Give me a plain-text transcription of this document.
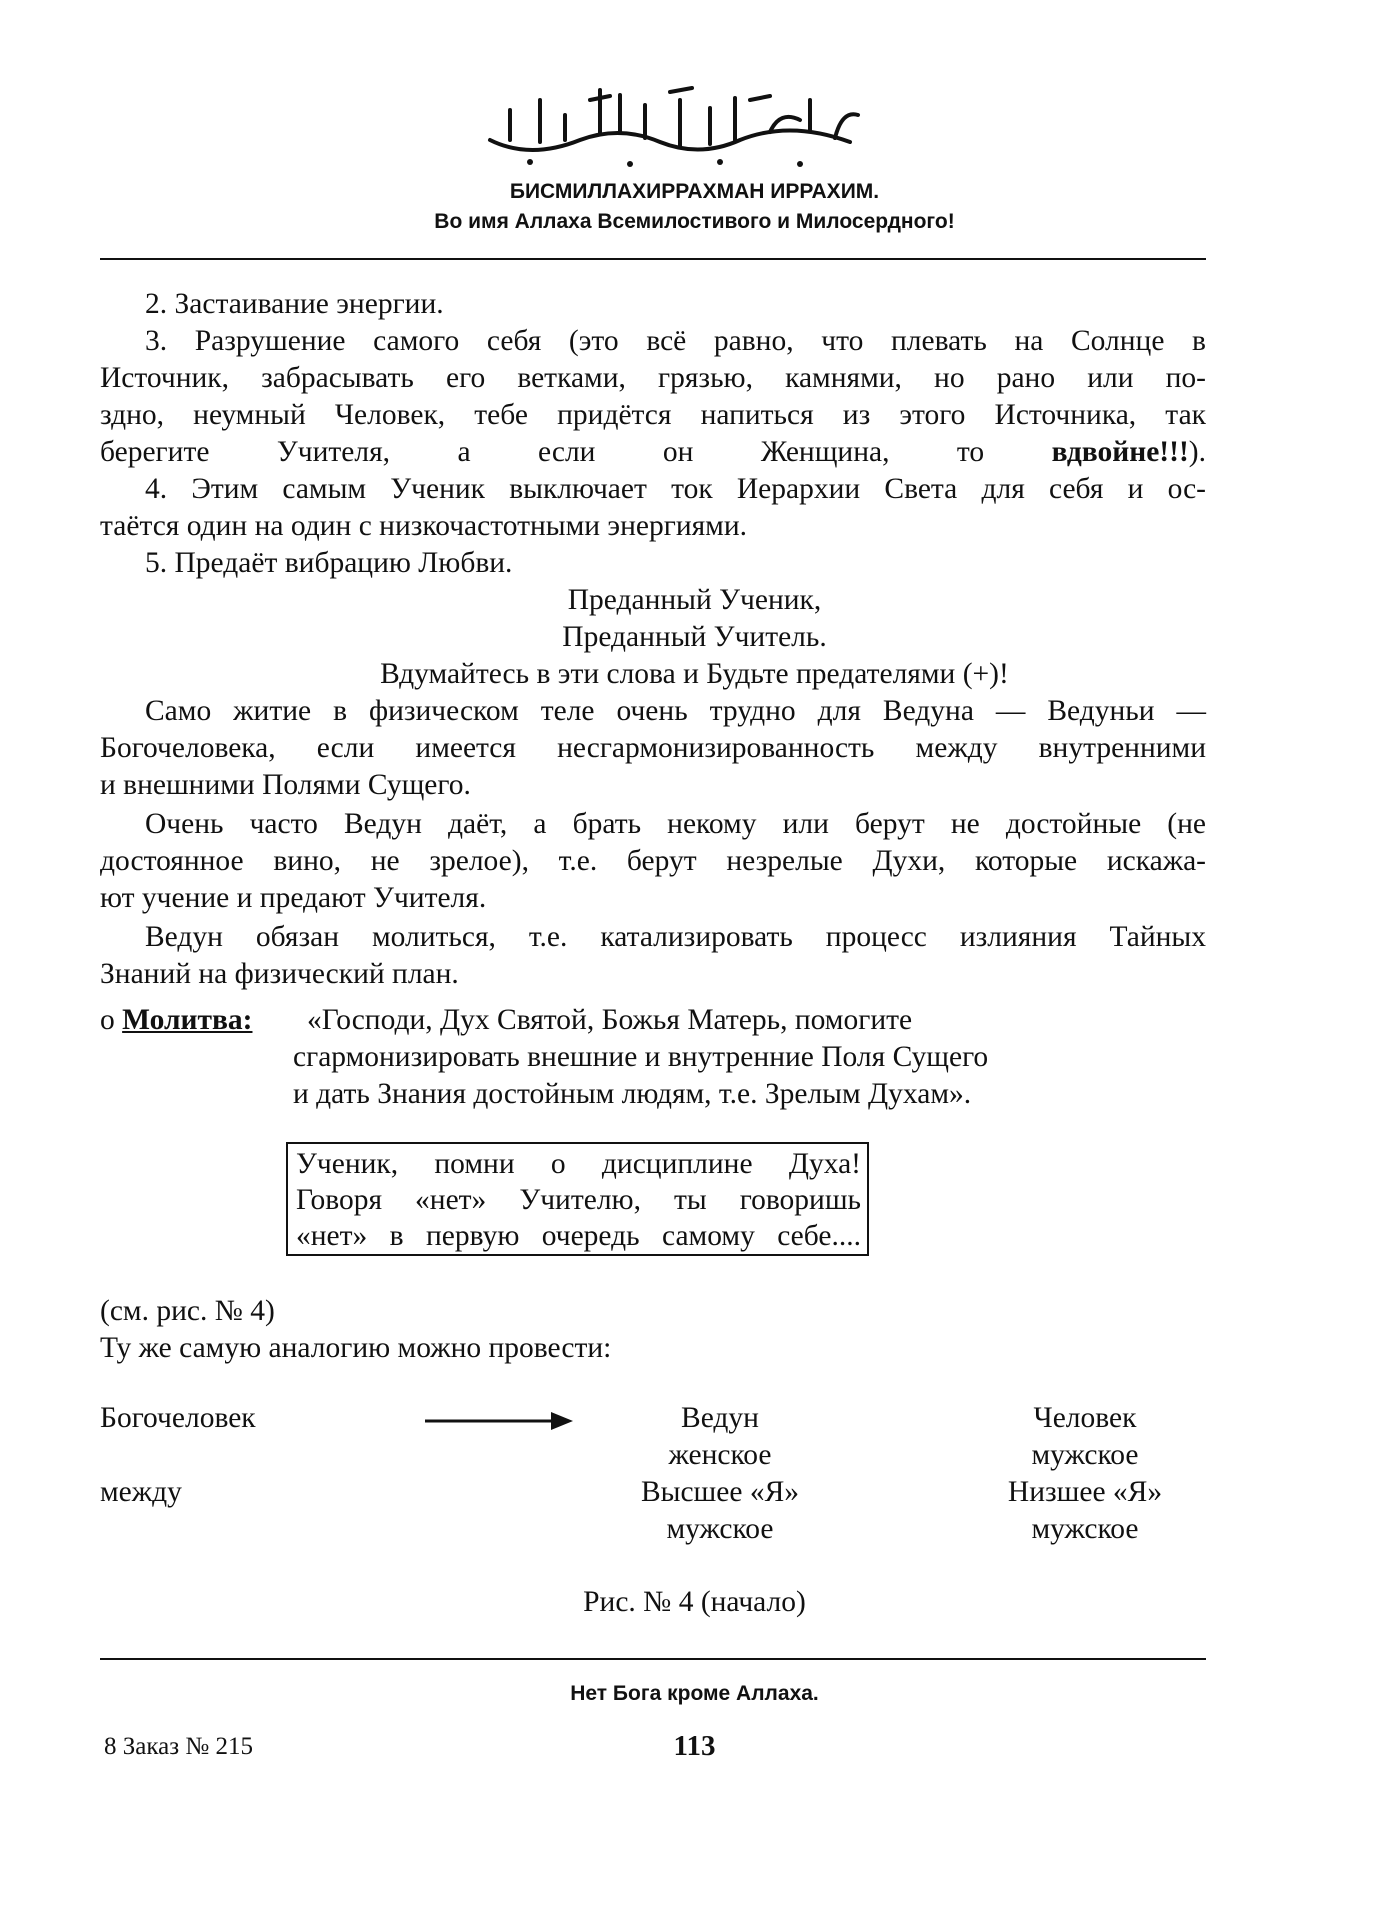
БИСМИЛЛАХИРРАХМАН ИРРАХИМ.
Во имя Аллаха Всемилостивого и Милосердного!
2. Застаивание энергии.
3. Разрушение самого себя (это всё равно, что плевать на Солнце в
Источник, забрасывать его ветками, грязью, камнями, но рано или по-
здно, неумный Человек, тебе придётся напиться из этого Источника, так
берегите Учителя, а если он Женщина, то вдвойне!!!).
4. Этим самым Ученик выключает ток Иерархии Света для себя и ос-
таётся один на один с низкочастотными энергиями.
5. Предаёт вибрацию Любви.
Преданный Ученик,
Преданный Учитель.
Вдумайтесь в эти слова и Будьте предателями (+)!
Само житие в физическом теле очень трудно для Ведуна — Ведуньи —
Богочеловека, если имеется несгармонизированность между внутренними
и внешними Полями Сущего.
Очень часто Ведун даёт, а брать некому или берут не достойные (не
достоянное вино, не зрелое), т.е. берут незрелые Духи, которые искажа-
ют учение и предают Учителя.
Ведун обязан молиться, т.е. катализировать процесс излияния Тайных
Знаний на физический план.
о Молитва: «Господи, Дух Святой, Божья Матерь, помогите
сгармонизировать внешние и внутренние Поля Сущего
и дать Знания достойным людям, т.е. Зрелым Духам».
Ученик, помни о дисциплине Духа!
Говоря «нет» Учителю, ты говоришь
«нет» в первую очередь самому себе....
(см. рис. № 4)
Ту же самую аналогию можно провести:
Богочеловек
между
Ведун
женское
Высшее «Я»
мужское
Человек
мужское
Низшее «Я»
мужское
Рис. № 4 (начало)
Нет Бога кроме Аллаха.
8 Заказ № 215	113
